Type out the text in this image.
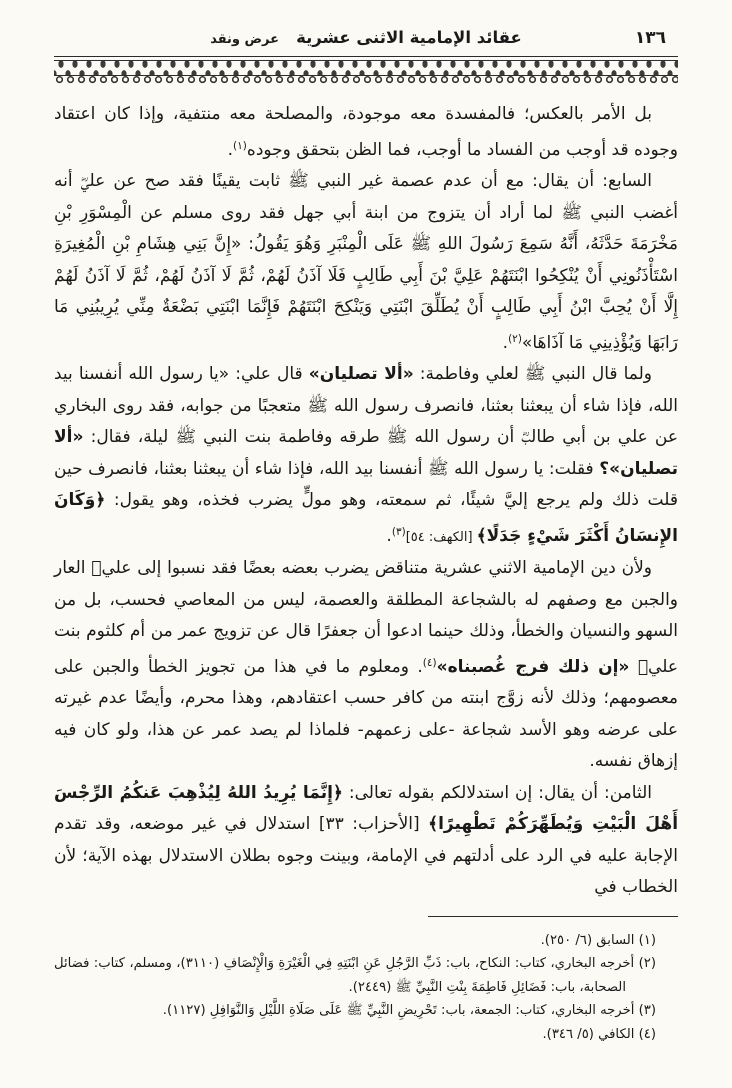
عقائد الإمامية الاثنى عشرية عرض ونقد	١٣٦

بل الأمر بالعكس؛ فالمفسدة معه موجودة، والمصلحة معه منتفية، وإذا كان اعتقاد وجوده قد أوجب من الفساد ما أوجب، فما الظن بتحقق وجوده$^{(١)}$.

السابع: أن يقال: مع أن عدم عصمة غير النبي ﷺ ثابت يقينًا فقد صح عن عليؓ أنه أغضب النبي ﷺ لما أراد أن يتزوج من ابنة أبي جهل فقد روى مسلم عن الْمِسْوَرِ بْنِ مَخْرَمَةَ حَدَّثَهُ، أَنَّهُ سَمِعَ رَسُولَ اللهِ ﷺ عَلَى الْمِنْبَرِ وَهُوَ يَقُولُ: «إِنَّ بَنِي هِشَامِ بْنِ الْمُغِيرَةِ اسْتَأْذَنُونِي أَنْ يُنْكِحُوا ابْنَتَهُمْ عَلِيَّ بْنَ أَبِي طَالِبٍ فَلَا آذَنُ لَهُمْ، ثُمَّ لَا آذَنُ لَهُمْ، ثُمَّ لَا آذَنُ لَهُمْ إِلَّا أَنْ يُحِبَّ ابْنُ أَبِي طَالِبٍ أَنْ يُطَلِّقَ ابْنَتِي وَيَنْكِحَ ابْنَتَهُمْ فَإِنَّمَا ابْنَتِي بَضْعَةٌ مِنِّي يُرِيبُنِي مَا رَابَهَا وَيُؤْذِينِي مَا آذَاهَا»$^{(٢)}$.

ولما قال النبي ﷺ لعلي وفاطمة: «ألا تصليان» قال علي: «يا رسول الله أنفسنا بيد الله، فإذا شاء أن يبعثنا بعثنا، فانصرف رسول الله ﷺ متعجبًا من جوابه، فقد روى البخاري عن علي بن أبي طالبؓ أن رسول الله ﷺ طرقه وفاطمة بنت النبي ﷺ ليلة، فقال: «ألا تصليان»؟ فقلت: يا رسول الله ﷺ أنفسنا بيد الله، فإذا شاء أن يبعثنا بعثنا، فانصرف حين قلت ذلك ولم يرجع إليَّ شيئًا، ثم سمعته، وهو مولٍّ يضرب فخذه، وهو يقول: ﴿وَكَانَ الإِنسَانُ أَكْثَرَ شَيْءٍ جَدَلًا﴾ [الكهف: ٥٤]$^{(٣)}$.

ولأن دين الإمامية الاثني عشرية متناقض يضرب بعضه بعضًا فقد نسبوا إلى عليؓ العار والجبن مع وصفهم له بالشجاعة المطلقة والعصمة، ليس من المعاصي فحسب، بل من السهو والنسيان والخطأ، وذلك حينما ادعوا أن جعفرًا قال عن تزويج عمر من أم كلثوم بنت عليؓ «إن ذلك فرج غُصبناه»$^{(٤)}$. ومعلوم ما في هذا من تجويز الخطأ والجبن على معصومهم؛ وذلك لأنه زوَّج ابنته من كافر حسب اعتقادهم، وهذا محرم، وأيضًا عدم غيرته على عرضه وهو الأسد شجاعة -على زعمهم- فلماذا لم يصد عمر عن هذا، ولو كان فيه إزهاق نفسه.

الثامن: أن يقال: إن استدلالكم بقوله تعالى: ﴿إِنَّمَا يُرِيدُ اللهُ لِيُذْهِبَ عَنكُمُ الرِّجْسَ أَهْلَ الْبَيْتِ وَيُطَهِّرَكُمْ تَطْهِيرًا﴾ [الأحزاب: ٣٣] استدلال في غير موضعه، وقد تقدم الإجابة عليه في الرد على أدلتهم في الإمامة، وبينت وجوه بطلان الاستدلال بهذه الآية؛ لأن الخطاب في

(١) السابق (٦/ ٢٥٠).
(٢) أخرجه البخاري، كتاب: النكاح، باب: ذَبِّ الرَّجُلِ عَنِ ابْنَتِهِ فِي الْغَيْرَةِ وَالْإِنْصَافِ (٣١١٠)، ومسلم، كتاب: فضائل الصحابة، باب: فَضَائِلِ فَاطِمَةَ بِنْتِ النَّبِيِّ ﷺ (٢٤٤٩).
(٣) أخرجه البخاري، كتاب: الجمعة، باب: تَحْرِيضِ النَّبِيِّ ﷺ عَلَى صَلَاةِ اللَّيْلِ وَالنَّوَافِلِ (١١٢٧).
(٤) الكافي (٥/ ٣٤٦).
